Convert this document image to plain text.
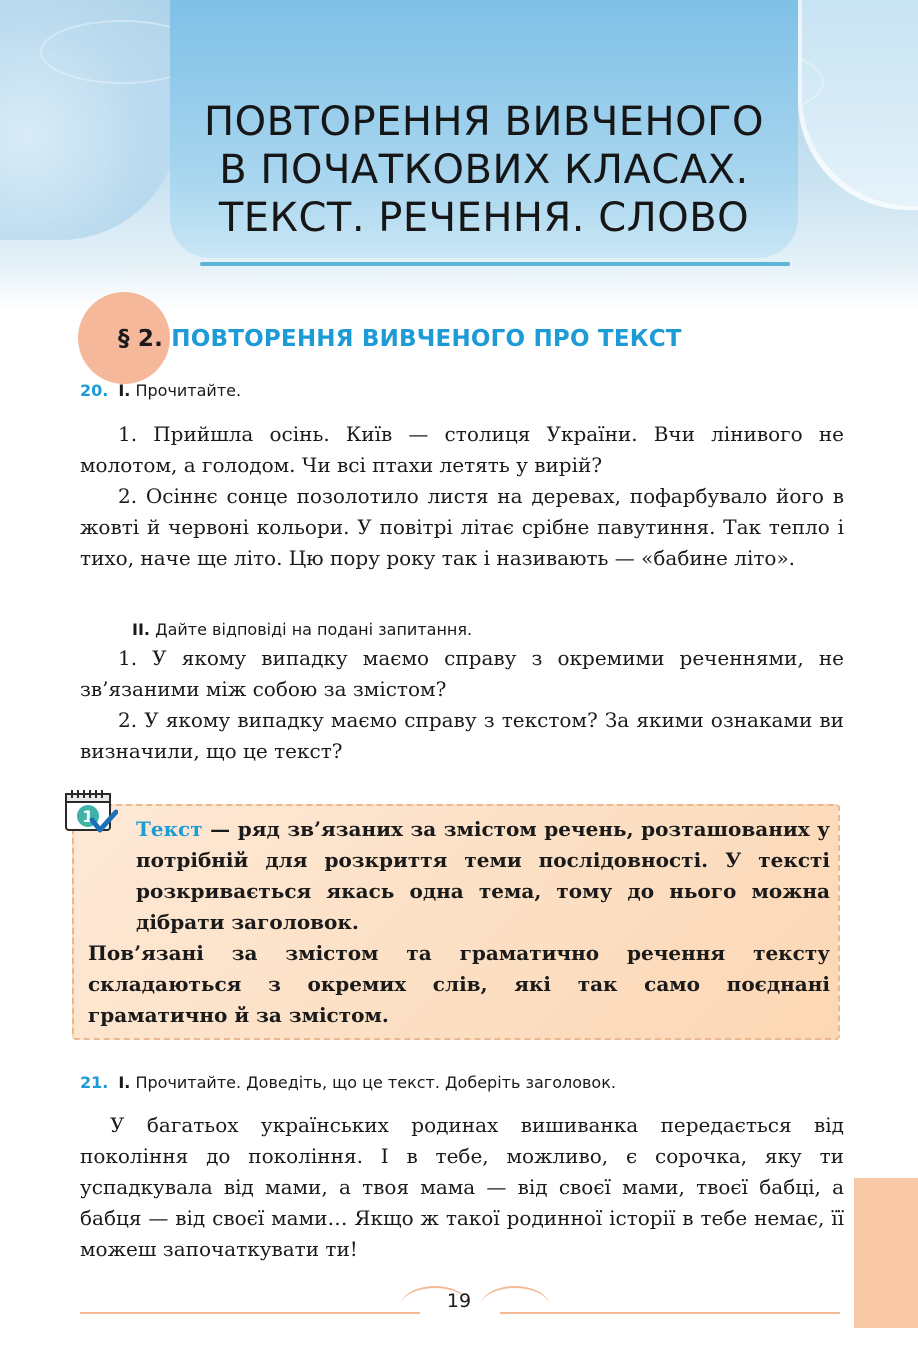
ПОВТОРЕННЯ ВИВЧЕНОГО
В ПОЧАТКОВИХ КЛАСАХ.
ТЕКСТ. РЕЧЕННЯ. СЛОВО
§ 2. ПОВТОРЕННЯ ВИВЧЕНОГО ПРО ТЕКСТ

20. I. Прочитайте.

1. Прийшла осінь. Київ — столиця України. Вчи лінивого не молотом, а голодом. Чи всі птахи летять у вирій?

2. Осіннє сонце позолотило листя на деревах, пофарбувало його в жовті й червоні кольори. У повітрі літає срібне павутиння. Так тепло і тихо, наче ще літо. Цю пору року так і називають — «бабине літо».

II. Дайте відповіді на подані запитання.

1. У якому випадку маємо справу з окремими реченнями, не зв’язаними між собою за змістом?

2. У якому випадку маємо справу з текстом? За якими ознаками ви визначили, що це текст?

1

Текст — ряд зв’язаних за змістом речень, розташованих у потрібній для розкриття теми послідовності. У тексті розкривається якась одна тема, тому до нього можна дібрати заголовок.
Пов’язані за змістом та граматично речення тексту складаються з окремих слів, які так само поєднані граматично й за змістом.

21. I. Прочитайте. Доведіть, що це текст. Доберіть заголовок.

У багатьох українських родинах вишиванка передається від покоління до покоління. І в тебе, можливо, є сорочка, яку ти успадкувала від мами, а твоя мама — від своєї мами, твоєї бабці, а бабця — від своєї мами… Якщо ж такої родинної історії в тебе немає, її можеш започаткувати ти!

19
